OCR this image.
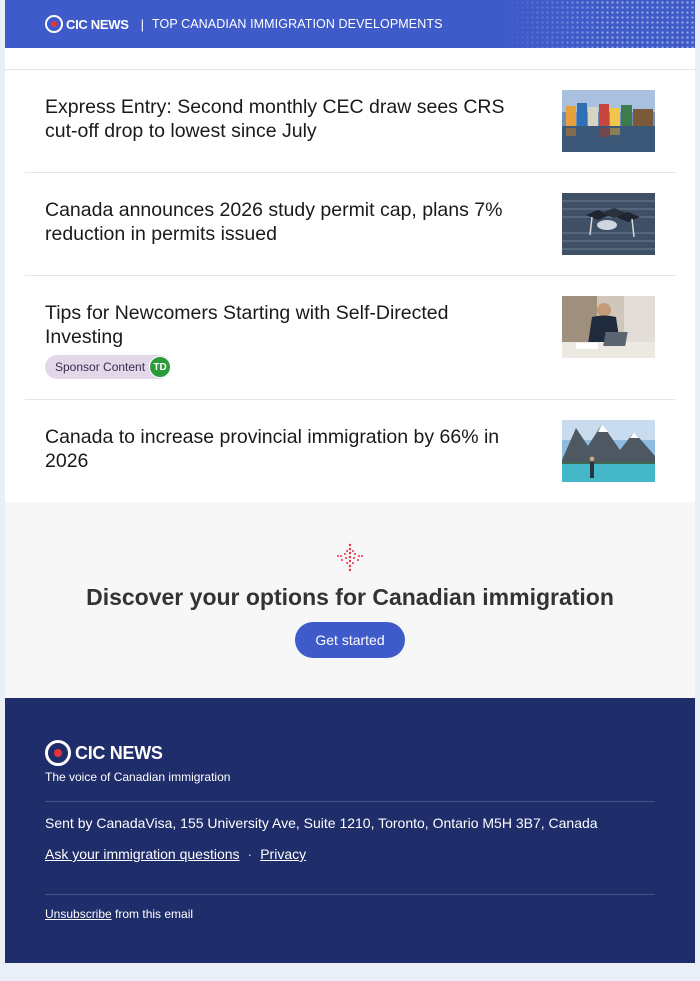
CIC NEWS | TOP CANADIAN IMMIGRATION DEVELOPMENTS
Express Entry: Second monthly CEC draw sees CRS cut-off drop to lowest since July
Canada announces 2026 study permit cap, plans 7% reduction in permits issued
Tips for Newcomers Starting with Self-Directed Investing
Sponsor Content TD
Canada to increase provincial immigration by 66% in 2026
Discover your options for Canadian immigration
Get started
CIC NEWS
The voice of Canadian immigration
Sent by CanadaVisa, 155 University Ave, Suite 1210, Toronto, Ontario M5H 3B7, Canada
Ask your immigration questions · Privacy
Unsubscribe from this email
